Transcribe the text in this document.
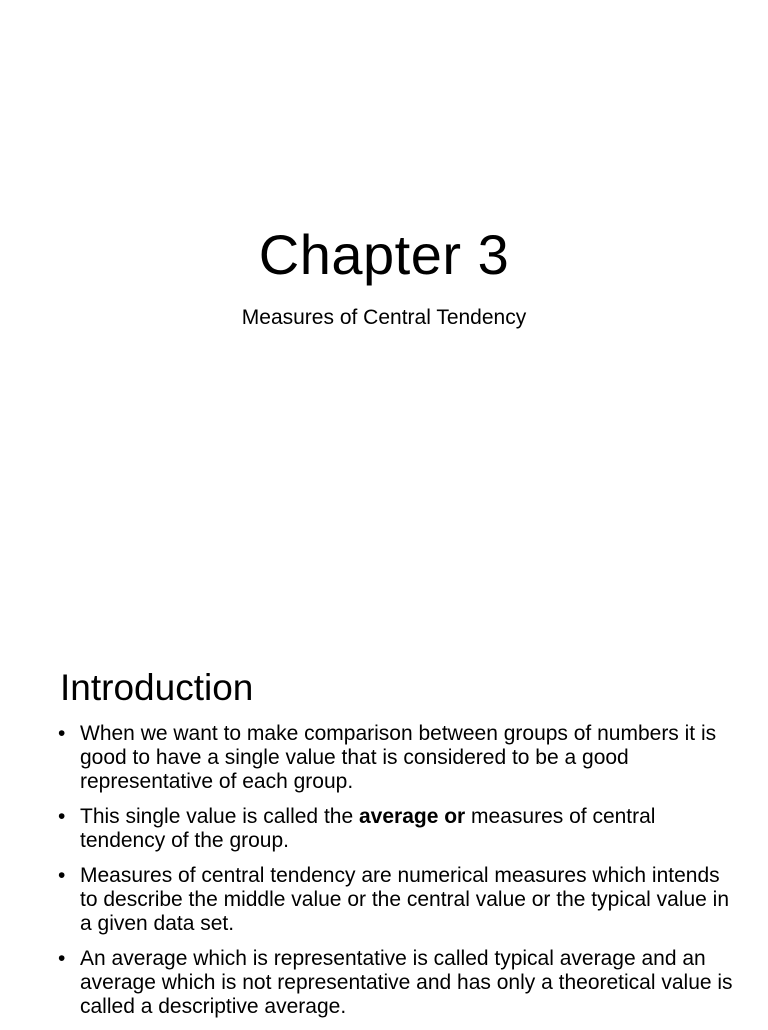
Chapter 3

Measures of Central Tendency

Introduction
• When we want to make comparison between groups of numbers it is good to have a single value that is considered to be a good representative of each group.
• This single value is called the average or measures of central tendency of the group.
• Measures of central tendency are numerical measures which intends to describe the middle value or the central value or the typical value in a given data set.
• An average which is representative is called typical average and an average which is not representative and has only a theoretical value is called a descriptive average.
